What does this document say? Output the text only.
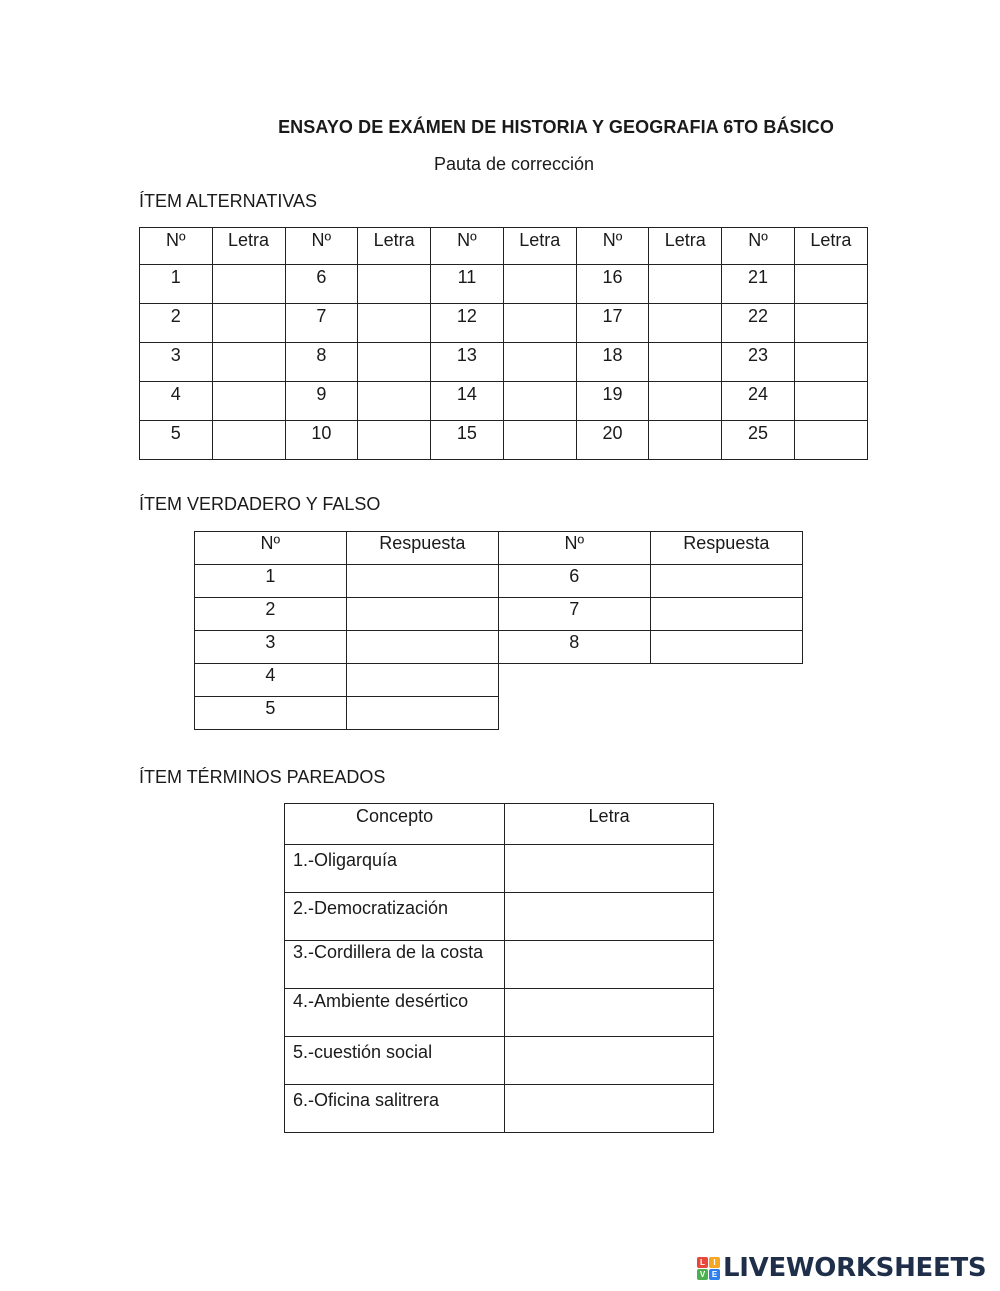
ENSAYO DE EXÁMEN DE HISTORIA Y GEOGRAFIA 6TO BÁSICO
Pauta de corrección
ÍTEM ALTERNATIVAS
Nº	Letra	Nº	Letra	Nº	Letra	Nº	Letra	Nº	Letra
1		6		11		16		21	
2		7		12		17		22	
3		8		13		18		23	
4		9		14		19		24	
5		10		15		20		25	
ÍTEM VERDADERO Y FALSO
Nº	Respuesta	Nº	Respuesta
1		6	
2		7	
3		8	
4			
5			
ÍTEM TÉRMINOS PAREADOS
Concepto	Letra
1.-Oligarquía	
2.-Democratización	
3.-Cordillera de la costa	
4.-Ambiente desértico	
5.-cuestión social	
6.-Oficina salitrera	
L	I
V E LIVEWORKSHEETS
